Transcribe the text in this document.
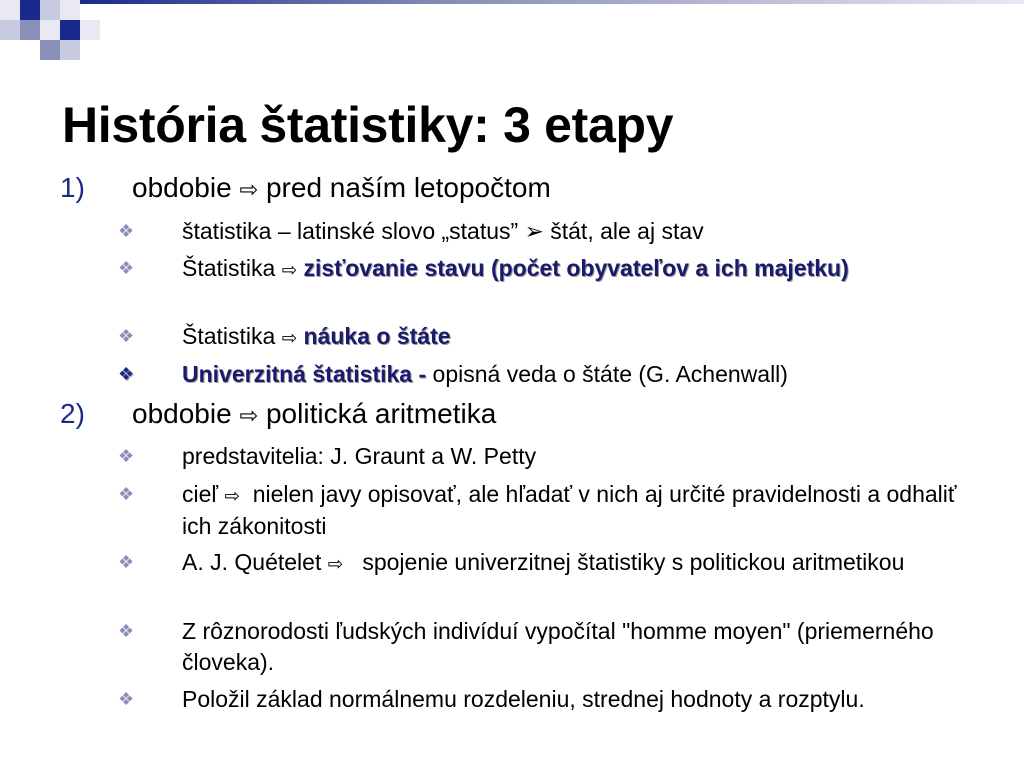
História štatistiky: 3 etapy
1) obdobie ⇨ pred naším letopočtom
❖ štatistika – latinské slovo „status” ➢ štát, ale aj stav
❖ Štatistika ⇨ zisťovanie stavu (počet obyvateľov a ich majetku)
❖ Štatistika ⇨ náuka o štáte
❖ Univerzitná štatistika - opisná veda o štáte (G. Achenwall)
2) obdobie ⇨ politická aritmetika
❖ predstavitelia: J. Graunt a W. Petty
❖ cieľ ⇨ nielen javy opisovať, ale hľadať v nich aj určité pravidelnosti a odhaliť ich zákonitosti
❖ A. J. Quételet ⇨ spojenie univerzitnej štatistiky s politickou aritmetikou
❖ Z rôznorodosti ľudských indivíduí vypočítal "homme moyen" (priemerného človeka).
❖ Položil základ normálnemu rozdeleniu, strednej hodnoty a rozptylu.
